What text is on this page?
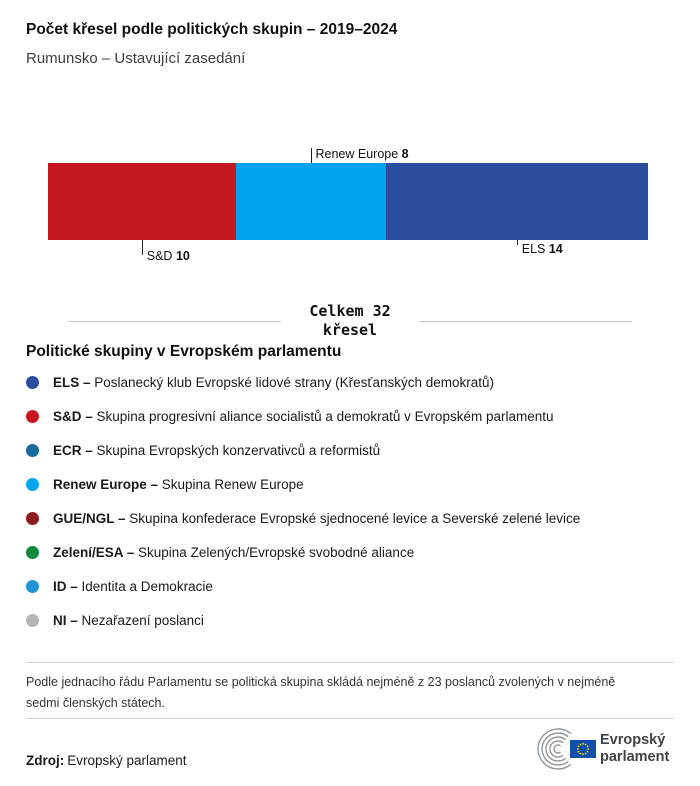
Počet křesel podle politických skupin – 2019–2024
Rumunsko – Ustavující zasedání
S&D 10
Renew Europe 8
ELS 14
Celkem 32
křesel
Politické skupiny v Evropském parlamentu
ELS – Poslanecký klub Evropské lidové strany (Křesťanských demokratů)
S&D – Skupina progresivní aliance socialistů a demokratů v Evropském parlamentu
ECR – Skupina Evropských konzervativců a reformistů
Renew Europe – Skupina Renew Europe
GUE/NGL – Skupina konfederace Evropské sjednocené levice a Severské zelené levice
Zelení/ESA – Skupina Zelených/Evropské svobodné aliance
ID – Identita a Demokracie
NI – Nezařazení poslanci

Podle jednacího řádu Parlamentu se politická skupina skládá nejméně z 23 poslanců zvolených v nejméně sedmi členských státech.

Zdroj: Evropský parlament
Evropský
parlament
